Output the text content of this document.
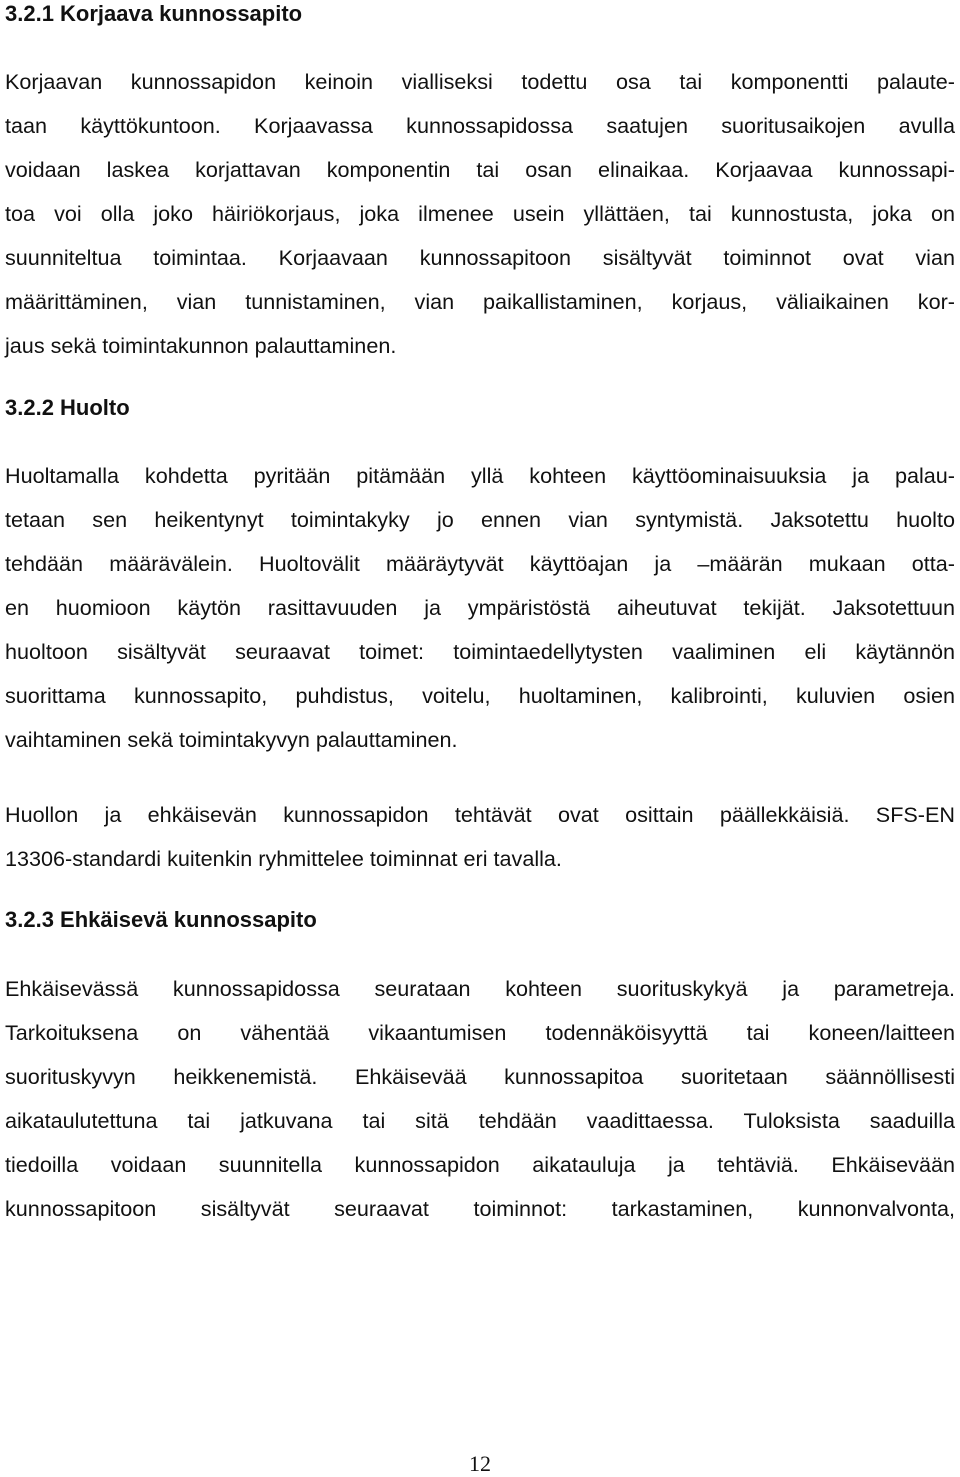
3.2.1 Korjaava kunnossapito
Korjaavan kunnossapidon keinoin vialliseksi todettu osa tai komponentti palaute-
taan käyttökuntoon. Korjaavassa kunnossapidossa saatujen suoritusaikojen avulla
voidaan laskea korjattavan komponentin tai osan elinaikaa. Korjaavaa kunnossapi-
toa voi olla joko häiriökorjaus, joka ilmenee usein yllättäen, tai kunnostusta, joka on
suunniteltua toimintaa. Korjaavaan kunnossapitoon sisältyvät toiminnot ovat vian
määrittäminen, vian tunnistaminen, vian paikallistaminen, korjaus, väliaikainen kor-
jaus sekä toimintakunnon palauttaminen.
3.2.2 Huolto
Huoltamalla kohdetta pyritään pitämään yllä kohteen käyttöominaisuuksia ja palau-
tetaan sen heikentynyt toimintakyky jo ennen vian syntymistä. Jaksotettu huolto
tehdään määrävälein. Huoltovälit määräytyvät käyttöajan ja –määrän mukaan otta-
en huomioon käytön rasittavuuden ja ympäristöstä aiheutuvat tekijät. Jaksotettuun
huoltoon sisältyvät seuraavat toimet: toimintaedellytysten vaaliminen eli käytännön
suorittama kunnossapito, puhdistus, voitelu, huoltaminen, kalibrointi, kuluvien osien
vaihtaminen sekä toimintakyvyn palauttaminen.
Huollon ja ehkäisevän kunnossapidon tehtävät ovat osittain päällekkäisiä. SFS-EN
13306-standardi kuitenkin ryhmittelee toiminnat eri tavalla.
3.2.3 Ehkäisevä kunnossapito
Ehkäisevässä kunnossapidossa seurataan kohteen suorituskykyä ja parametreja.
Tarkoituksena on vähentää vikaantumisen todennäköisyyttä tai koneen/laitteen
suorituskyvyn heikkenemistä. Ehkäisevää kunnossapitoa suoritetaan säännöllisesti
aikataulutettuna tai jatkuvana tai sitä tehdään vaadittaessa. Tuloksista saaduilla
tiedoilla voidaan suunnitella kunnossapidon aikatauluja ja tehtäviä. Ehkäisevään
kunnossapitoon sisältyvät seuraavat toiminnot: tarkastaminen, kunnonvalvonta,
12
